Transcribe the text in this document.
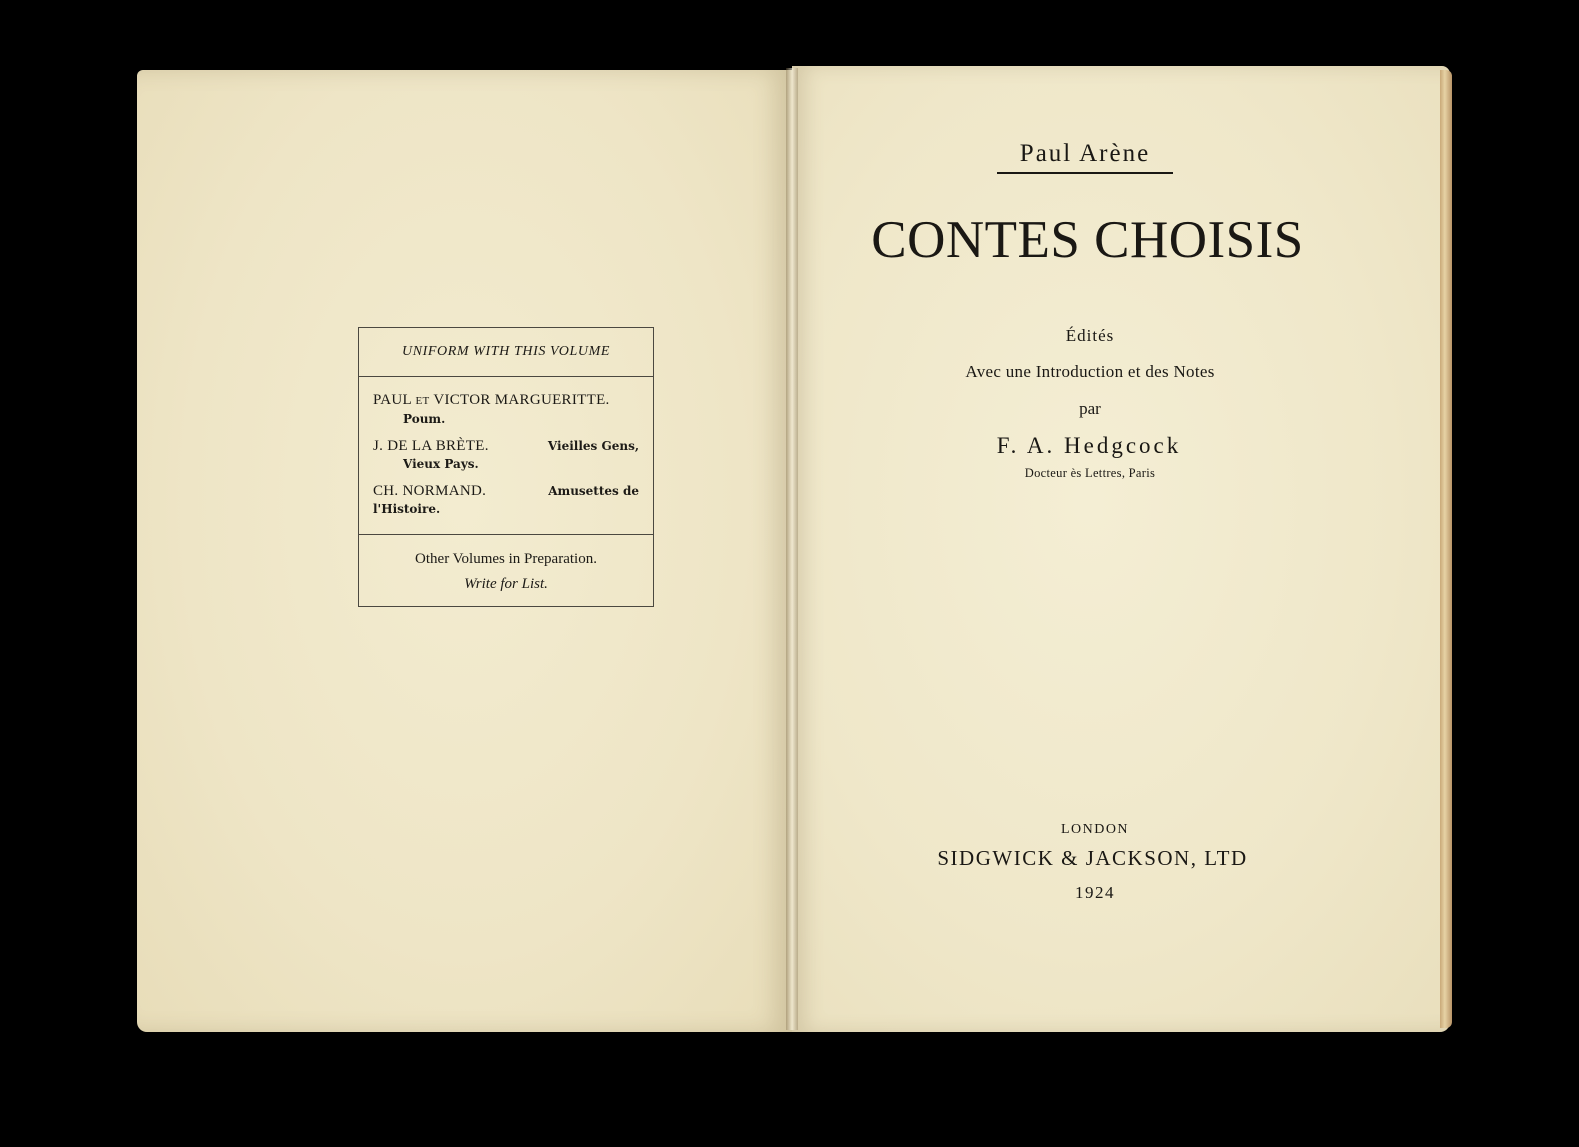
UNIFORM WITH THIS VOLUME
PAUL ET VICTOR MARGUERITTE.
Poum.
J. DE LA BRÈTE.	Vieilles Gens,
Vieux Pays.
CH. NORMAND.	Amusettes de
l'Histoire.
Other Volumes in Preparation.
Write for List.
Paul Arène
CONTES CHOISIS
Édités
Avec une Introduction et des Notes
par
F. A. Hedgcock
Docteur ès Lettres, Paris
LONDON
SIDGWICK & JACKSON, LTD
1924
